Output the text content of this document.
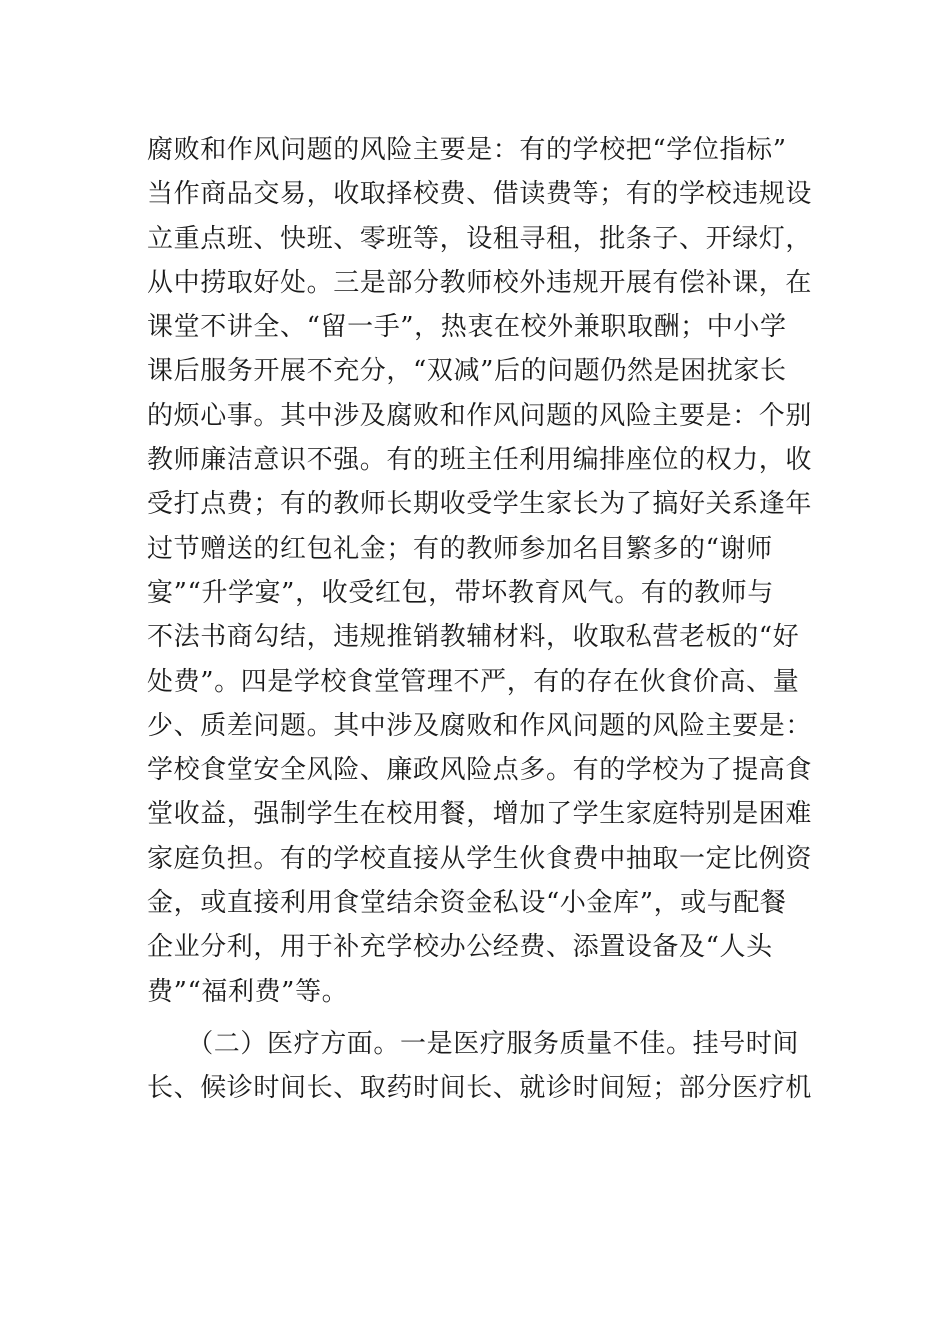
腐败和作风问题的风险主要是：有的学校把“学位指标”
当作商品交易，收取择校费、借读费等；有的学校违规设
立重点班、快班、零班等，设租寻租，批条子、开绿灯，
从中捞取好处。三是部分教师校外违规开展有偿补课，在
课堂不讲全、“留一手”，热衷在校外兼职取酬；中小学
课后服务开展不充分，“双减”后的问题仍然是困扰家长
的烦心事。其中涉及腐败和作风问题的风险主要是：个别
教师廉洁意识不强。有的班主任利用编排座位的权力，收
受打点费；有的教师长期收受学生家长为了搞好关系逢年
过节赠送的红包礼金；有的教师参加名目繁多的“谢师
宴”“升学宴”，收受红包，带坏教育风气。有的教师与
不法书商勾结，违规推销教辅材料，收取私营老板的“好
处费”。四是学校食堂管理不严，有的存在伙食价高、量
少、质差问题。其中涉及腐败和作风问题的风险主要是：
学校食堂安全风险、廉政风险点多。有的学校为了提高食
堂收益，强制学生在校用餐，增加了学生家庭特别是困难
家庭负担。有的学校直接从学生伙食费中抽取一定比例资
金，或直接利用食堂结余资金私设“小金库”，或与配餐
企业分利，用于补充学校办公经费、添置设备及“人头
费”“福利费”等。
　　（二）医疗方面。一是医疗服务质量不佳。挂号时间
长、候诊时间长、取药时间长、就诊时间短；部分医疗机
